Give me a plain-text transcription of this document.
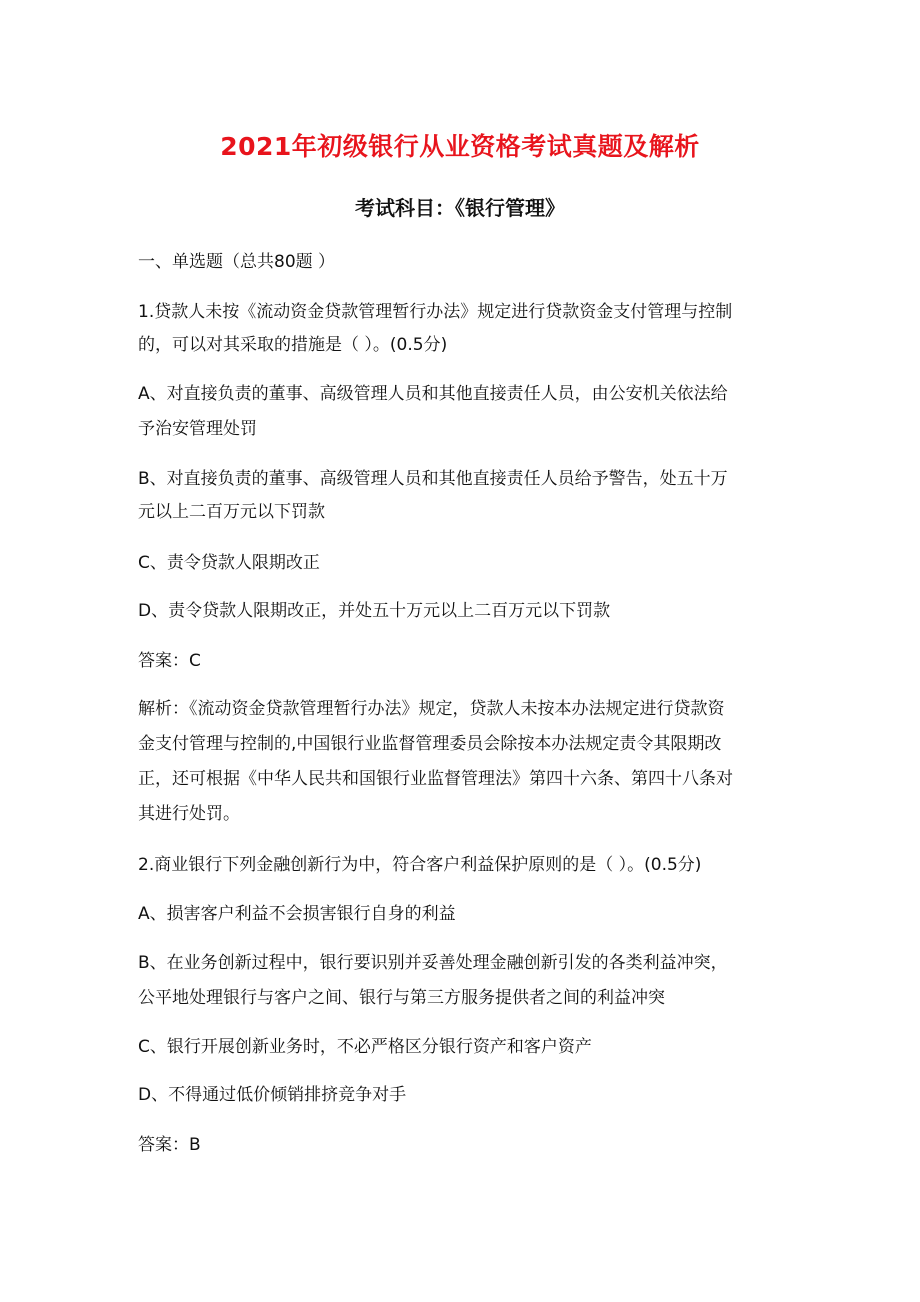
2021年初级银行从业资格考试真题及解析
考试科目：《银行管理》

一、单选题（总共80题 ）

1.贷款人未按《流动资金贷款管理暂行办法》规定进行贷款资金支付管理与控制

的，可以对其采取的措施是（ ）。(0.5分)

A、对直接负责的董事、高级管理人员和其他直接责任人员，由公安机关依法给

予治安管理处罚

B、对直接负责的董事、高级管理人员和其他直接责任人员给予警告，处五十万

元以上二百万元以下罚款

C、责令贷款人限期改正

D、责令贷款人限期改正，并处五十万元以上二百万元以下罚款

答案：C

解析：《流动资金贷款管理暂行办法》规定，贷款人未按本办法规定进行贷款资

金支付管理与控制的,中国银行业监督管理委员会除按本办法规定责令其限期改

正，还可根据《中华人民共和国银行业监督管理法》第四十六条、第四十八条对

其进行处罚。

2.商业银行下列金融创新行为中，符合客户利益保护原则的是（ ）。(0.5分)

A、损害客户利益不会损害银行自身的利益

B、在业务创新过程中，银行要识别并妥善处理金融创新引发的各类利益冲突，

公平地处理银行与客户之间、银行与第三方服务提供者之间的利益冲突

C、银行开展创新业务时，不必严格区分银行资产和客户资产

D、不得通过低价倾销排挤竞争对手

答案：B
